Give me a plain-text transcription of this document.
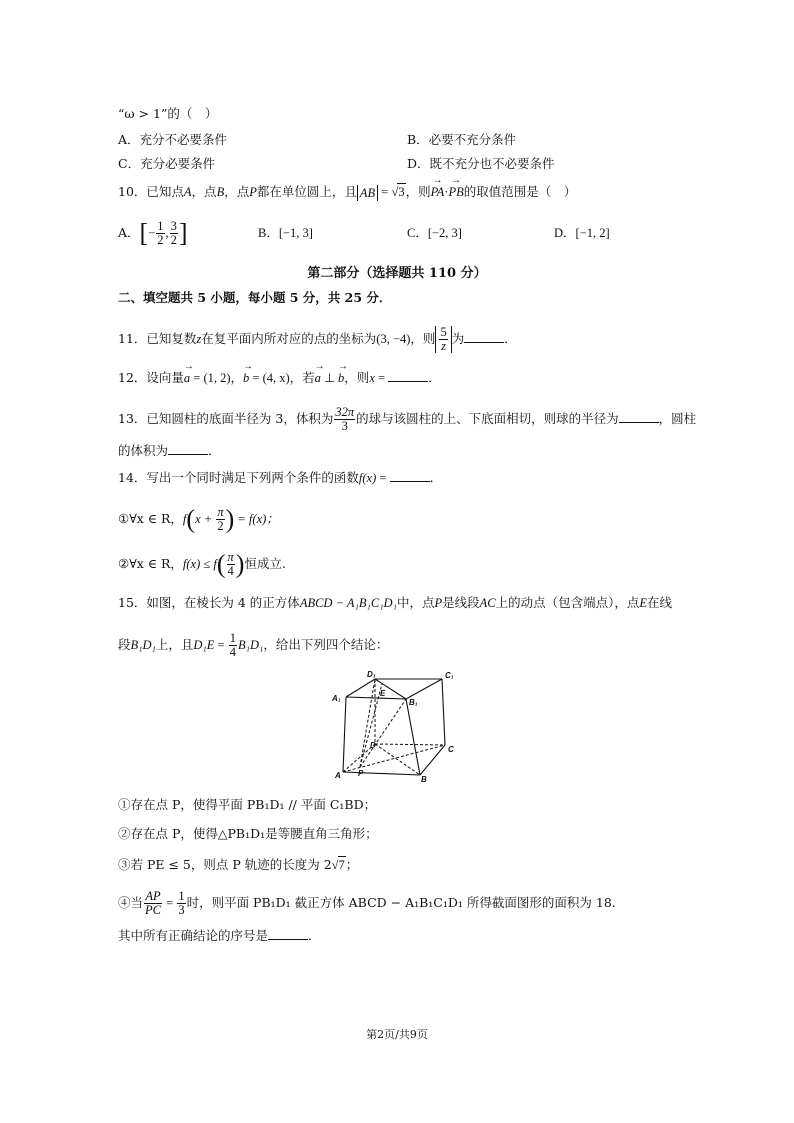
“ω > 1”的（　）
A．充分不必要条件	B．必要不充分条件
C．充分必要条件	D．既不充分也不必要条件
10．已知点A，点B，点P都在单位圆上，且 AB = √3，则→ PA·→ PB的取值范围是（　）
A．[− $\frac{1}{2}$ , $\frac{3}{2}$ ]	B．[−1, 3]	C．[−2, 3]	D．[−1, 2]
第二部分（选择题共 110 分）
二、填空题共 5 小题，每小题 5 分，共 25 分．
11．已知复数z在复平面内所对应的点的坐标为(3, −4)，则 $\frac{5}{z}$ 为	．
12．设向量→ a = (1, 2)，→ b = (4, x)，若→ a ⊥ → b，则x =	．
13．已知圆柱的底面半径为 3，体积为 $\frac{32\pi}{3}$ 的球与该圆柱的上、下底面相切，则球的半径为	，圆柱
的体积为	．
14．写出一个同时满足下列两个条件的函数f(x) =	．
①∀x ∈ R，$f(x + \frac{\pi}{2}$ ) = f(x)；
②∀x ∈ R，$f(x) \le f( \frac{\pi}{4}$ )恒成立.
15．如图，在棱长为 4 的正方体ABCD − A₁B₁C₁D₁中，点P是线段AC上的动点（包含端点），点E在线
段B₁D₁上，且$D_1E = \frac{1}{4} B_1D_1$，给出下列四个结论：
D₁	C₁
A₁	B₁
E
D	C
A	B
P
①存在点 P，使得平面 PB₁D₁ // 平面 C₁BD；
②存在点 P，使得△PB₁D₁是等腰直角三角形；
③若 PE ≤ 5，则点 P 轨迹的长度为 2√7；
④当 $\frac{AP}{PC} = \frac{1}{3}$ 时，则平面 PB₁D₁ 截正方体 ABCD − A₁B₁C₁D₁ 所得截面图形的面积为 18.
其中所有正确结论的序号是	．
第2页/共9页
